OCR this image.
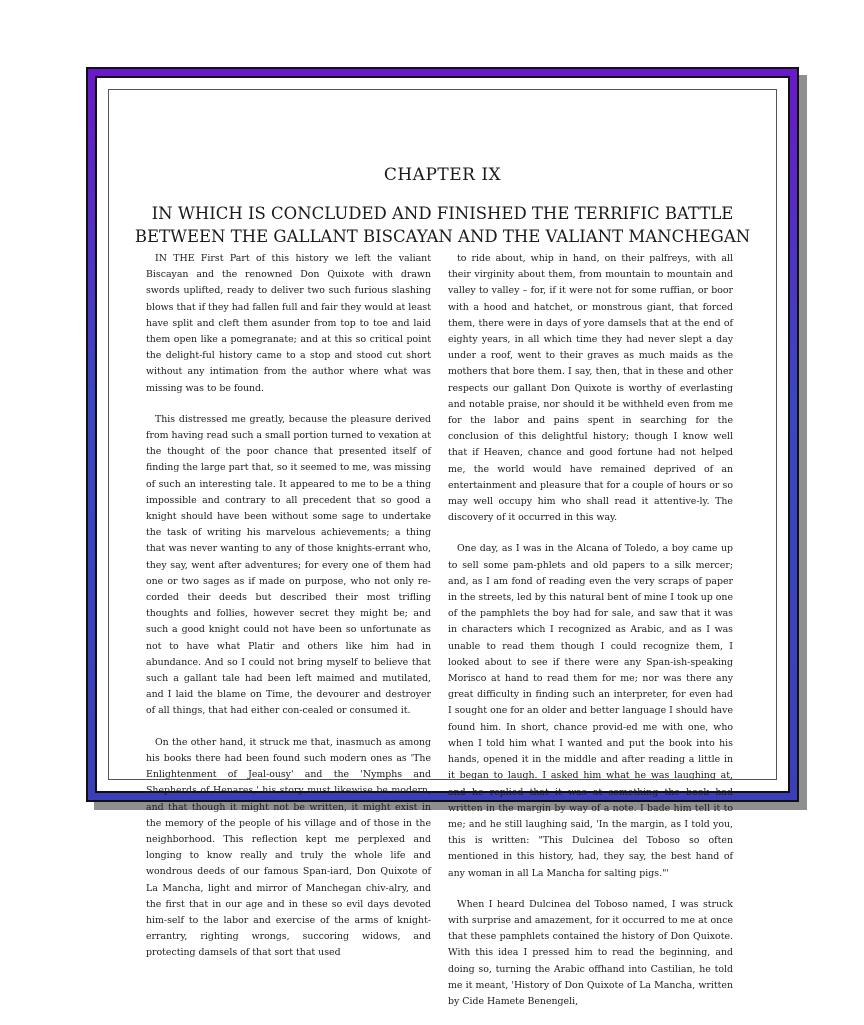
CHAPTER IX
IN WHICH IS CONCLUDED AND FINISHED THE TERRIFIC BATTLE BETWEEN THE GALLANT BISCAYAN AND THE VALIANT MANCHEGAN

IN THE First Part of this history we left the valiant Biscayan and the renowned Don Quixote with drawn swords uplifted, ready to deliver two such furious slashing blows that if they had fallen full and fair they would at least have split and cleft them asunder from top to toe and laid them open like a pomegranate; and at this so critical point the delight-ful history came to a stop and stood cut short without any intimation from the author where what was missing was to be found.

This distressed me greatly, because the pleasure derived from having read such a small portion turned to vexation at the thought of the poor chance that presented itself of finding the large part that, so it seemed to me, was missing of such an interesting tale. It appeared to me to be a thing impossible and contrary to all precedent that so good a knight should have been without some sage to undertake the task of writing his marvelous achievements; a thing that was never wanting to any of those knights-errant who, they say, went after adventures; for every one of them had one or two sages as if made on purpose, who not only re-corded their deeds but described their most trifling thoughts and follies, however secret they might be; and such a good knight could not have been so unfortunate as not to have what Platir and others like him had in abundance. And so I could not bring myself to believe that such a gallant tale had been left maimed and mutilated, and I laid the blame on Time, the devourer and destroyer of all things, that had either con-cealed or consumed it.

On the other hand, it struck me that, inasmuch as among his books there had been found such modern ones as 'The Enlightenment of Jeal-ousy' and the 'Nymphs and Shepherds of Henares,' his story must likewise be modern, and that though it might not be written, it might exist in the memory of the people of his village and of those in the neighborhood. This reflection kept me perplexed and longing to know really and truly the whole life and wondrous deeds of our famous Span-iard, Don Quixote of La Mancha, light and mirror of Manchegan chiv-alry, and the first that in our age and in these so evil days devoted him-self to the labor and exercise of the arms of knight-errantry, righting wrongs, succoring widows, and protecting damsels of that sort that used

to ride about, whip in hand, on their palfreys, with all their virginity about them, from mountain to mountain and valley to valley – for, if it were not for some ruffian, or boor with a hood and hatchet, or monstrous giant, that forced them, there were in days of yore damsels that at the end of eighty years, in all which time they had never slept a day under a roof, went to their graves as much maids as the mothers that bore them. I say, then, that in these and other respects our gallant Don Quixote is worthy of everlasting and notable praise, nor should it be withheld even from me for the labor and pains spent in searching for the conclusion of this delightful history; though I know well that if Heaven, chance and good fortune had not helped me, the world would have remained deprived of an entertainment and pleasure that for a couple of hours or so may well occupy him who shall read it attentive-ly. The discovery of it occurred in this way.

One day, as I was in the Alcana of Toledo, a boy came up to sell some pam-phlets and old papers to a silk mercer; and, as I am fond of reading even the very scraps of paper in the streets, led by this natural bent of mine I took up one of the pamphlets the boy had for sale, and saw that it was in characters which I recognized as Arabic, and as I was unable to read them though I could recognize them, I looked about to see if there were any Span-ish-speaking Morisco at hand to read them for me; nor was there any great difficulty in finding such an interpreter, for even had I sought one for an older and better language I should have found him. In short, chance provid-ed me with one, who when I told him what I wanted and put the book into his hands, opened it in the middle and after reading a little in it began to laugh. I asked him what he was laughing at, and he replied that it was at something the book had written in the margin by way of a note. I bade him tell it to me; and he still laughing said, 'In the margin, as I told you, this is written: "This Dulcinea del Toboso so often mentioned in this history, had, they say, the best hand of any woman in all La Mancha for salting pigs."'

When I heard Dulcinea del Toboso named, I was struck with surprise and amazement, for it occurred to me at once that these pamphlets contained the history of Don Quixote. With this idea I pressed him to read the beginning, and doing so, turning the Arabic offhand into Castilian, he told me it meant, 'History of Don Quixote of La Mancha, written by Cide Hamete Benengeli,
